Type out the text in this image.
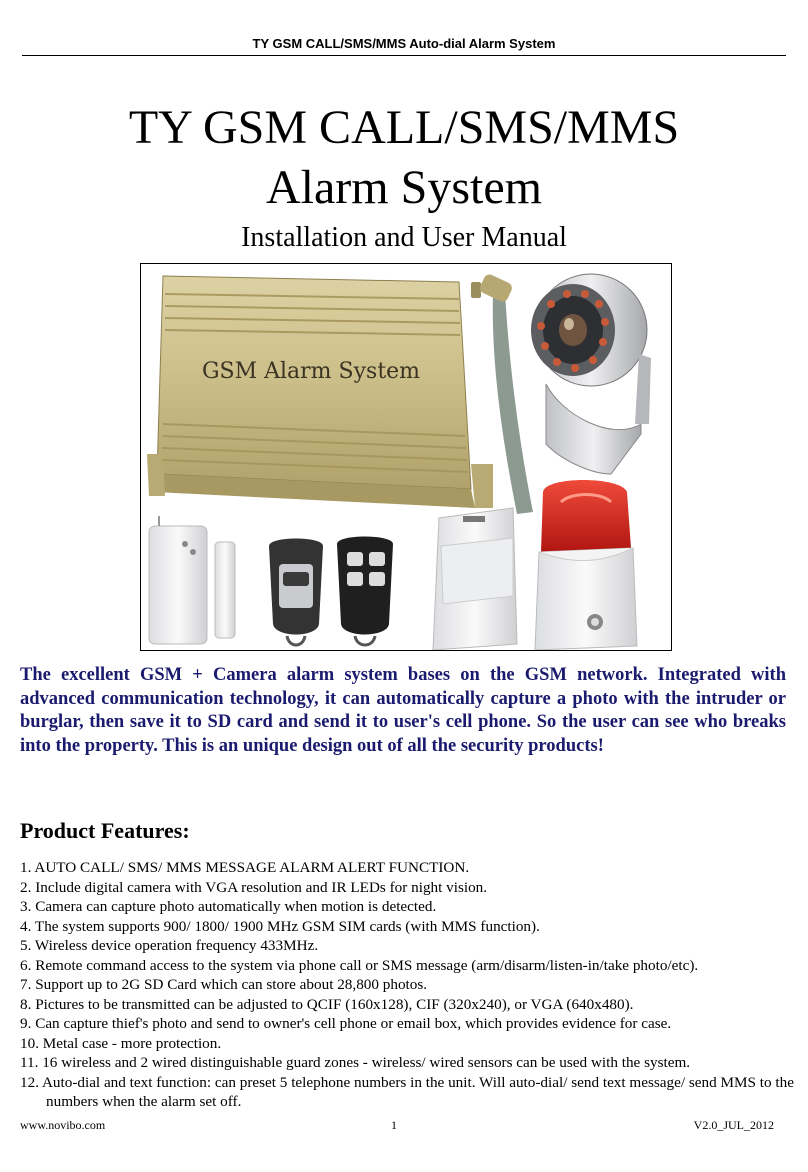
TY GSM CALL/SMS/MMS Auto-dial Alarm System
TY GSM CALL/SMS/MMS
Alarm System
Installation and User Manual
GSM Alarm System

The excellent GSM + Camera alarm system bases on the GSM network. Integrated with advanced communication technology, it can automatically capture a photo with the intruder or burglar, then save it to SD card and send it to user's cell phone. So the user can see who breaks into the property. This is an unique design out of all the security products!

Product Features:
1. AUTO CALL/ SMS/ MMS MESSAGE ALARM ALERT FUNCTION.
2. Include digital camera with VGA resolution and IR LEDs for night vision.
3. Camera can capture photo automatically when motion is detected.
4. The system supports 900/ 1800/ 1900 MHz GSM SIM cards (with MMS function).
5. Wireless device operation frequency 433MHz.
6. Remote command access to the system via phone call or SMS message (arm/disarm/listen-in/take photo/etc).
7. Support up to 2G SD Card which can store about 28,800 photos.
8. Pictures to be transmitted can be adjusted to QCIF (160x128), CIF (320x240), or VGA (640x480).
9. Can capture thief's photo and send to owner's cell phone or email box, which provides evidence for case.
10. Metal case - more protection.
11. 16 wireless and 2 wired distinguishable guard zones - wireless/ wired sensors can be used with the system.
12. Auto-dial and text function: can preset 5 telephone numbers in the unit. Will auto-dial/ send text message/ send MMS to the numbers when the alarm set off.
www.novibo.com	1	V2.0_JUL_2012
